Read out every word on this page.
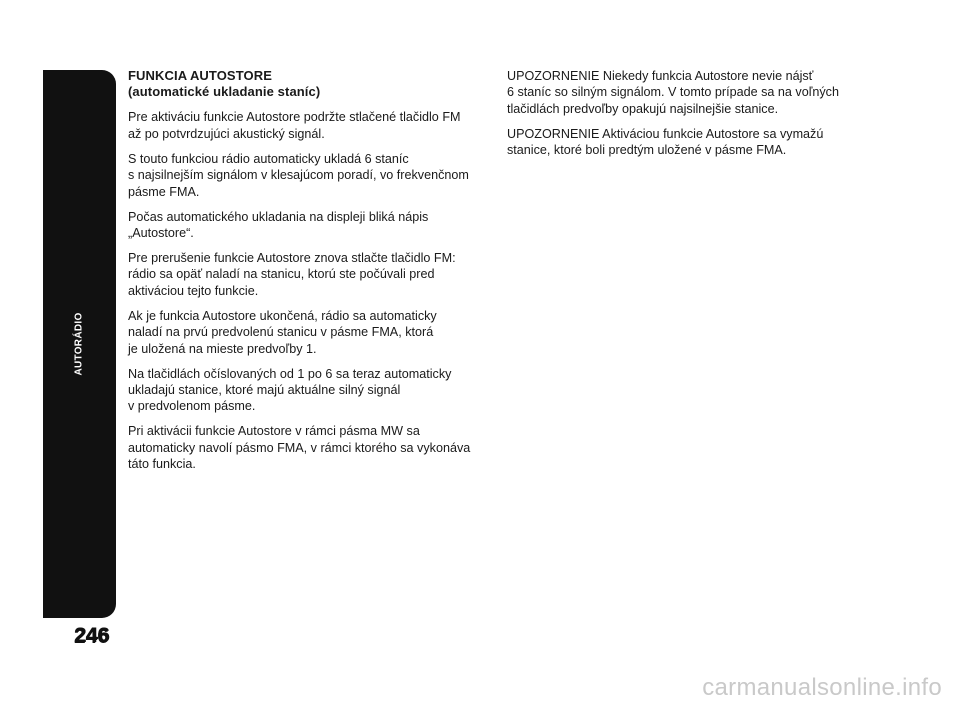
AUTORÁDIO
246
FUNKCIA AUTOSTORE
(automatické ukladanie staníc)

Pre aktiváciu funkcie Autostore podržte stlačené tlačidlo FM
až po potvrdzujúci akustický signál.

S touto funkciou rádio automaticky ukladá 6 staníc
s najsilnejším signálom v klesajúcom poradí, vo frekvenčnom
pásme FMA.

Počas automatického ukladania na displeji bliká nápis
„Autostore“.

Pre prerušenie funkcie Autostore znova stlačte tlačidlo FM:
rádio sa opäť naladí na stanicu, ktorú ste počúvali pred
aktiváciou tejto funkcie.

Ak je funkcia Autostore ukončená, rádio sa automaticky
naladí na prvú predvolenú stanicu v pásme FMA, ktorá
je uložená na mieste predvoľby 1.

Na tlačidlách očíslovaných od 1 po 6 sa teraz automaticky
ukladajú stanice, ktoré majú aktuálne silný signál
v predvolenom pásme.

Pri aktivácii funkcie Autostore v rámci pásma MW sa
automaticky navolí pásmo FMA, v rámci ktorého sa vykonáva
táto funkcia.

UPOZORNENIE Niekedy funkcia Autostore nevie nájsť
6 staníc so silným signálom. V tomto prípade sa na voľných
tlačidlách predvoľby opakujú najsilnejšie stanice.

UPOZORNENIE Aktiváciou funkcie Autostore sa vymažú
stanice, ktoré boli predtým uložené v pásme FMA.

carmanualsonline.info
